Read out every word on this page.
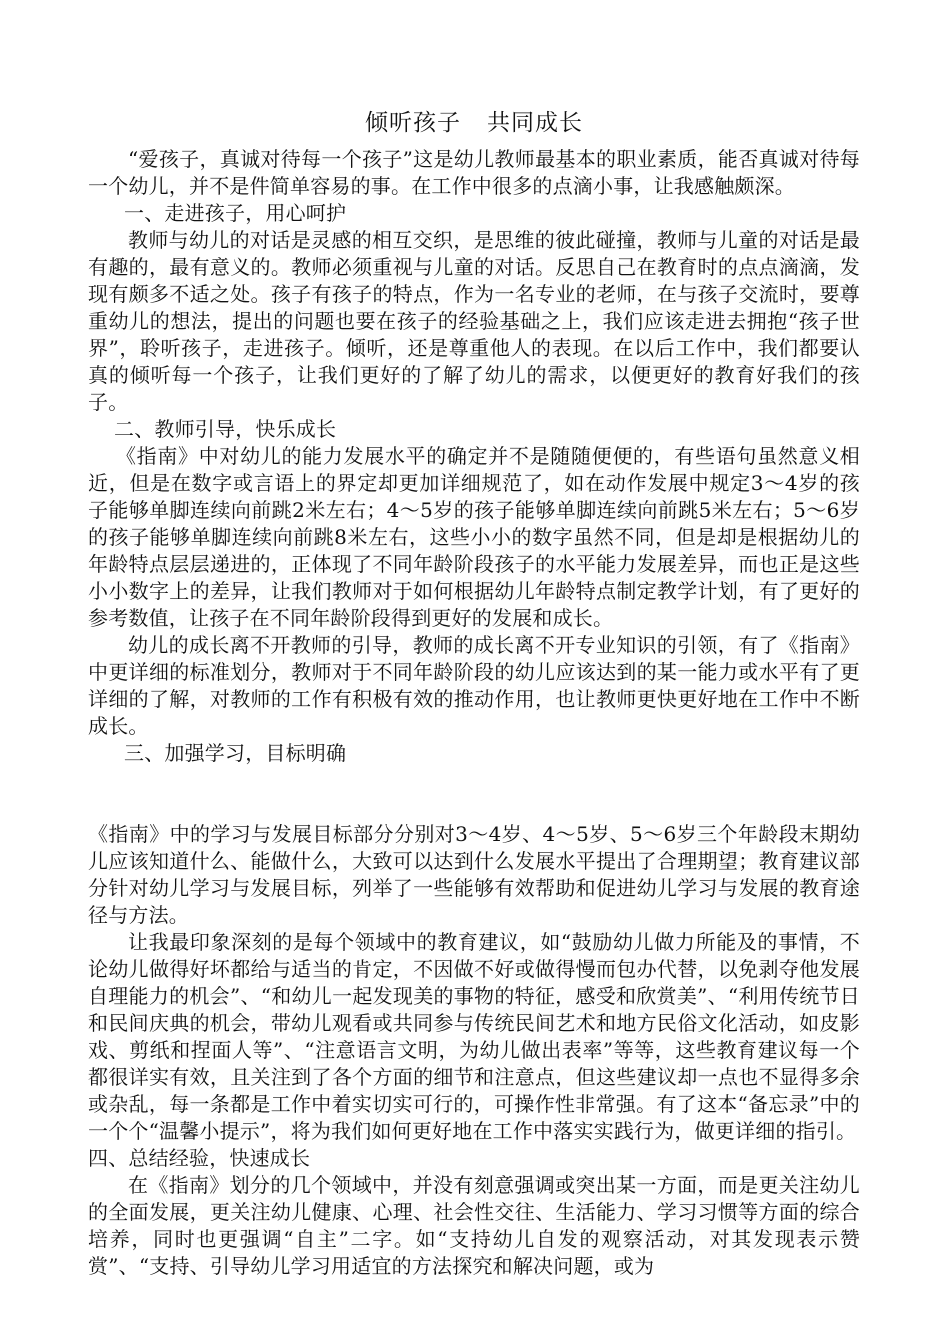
倾听孩子 共同成长

“爱孩子，真诚对待每一个孩子”这是幼儿教师最基本的职业素质，能否真诚对待每一个幼儿，并不是件简单容易的事。在工作中很多的点滴小事，让我感触颇深。

一、走进孩子，用心呵护

教师与幼儿的对话是灵感的相互交织，是思维的彼此碰撞，教师与儿童的对话是最有趣的，最有意义的。教师必须重视与儿童的对话。反思自己在教育时的点点滴滴，发现有颇多不适之处。孩子有孩子的特点，作为一名专业的老师，在与孩子交流时，要尊重幼儿的想法，提出的问题也要在孩子的经验基础之上，我们应该走进去拥抱“孩子世界”，聆听孩子，走进孩子。倾听，还是尊重他人的表现。在以后工作中，我们都要认真的倾听每一个孩子，让我们更好的了解了幼儿的需求，以便更好的教育好我们的孩子。

二、教师引导，快乐成长

《指南》中对幼儿的能力发展水平的确定并不是随随便便的，有些语句虽然意义相近，但是在数字或言语上的界定却更加详细规范了，如在动作发展中规定3～4岁的孩子能够单脚连续向前跳2米左右；4～5岁的孩子能够单脚连续向前跳5米左右；5～6岁的孩子能够单脚连续向前跳8米左右，这些小小的数字虽然不同，但是却是根据幼儿的年龄特点层层递进的，正体现了不同年龄阶段孩子的水平能力发展差异，而也正是这些小小数字上的差异，让我们教师对于如何根据幼儿年龄特点制定教学计划，有了更好的参考数值，让孩子在不同年龄阶段得到更好的发展和成长。

幼儿的成长离不开教师的引导，教师的成长离不开专业知识的引领，有了《指南》中更详细的标准划分，教师对于不同年龄阶段的幼儿应该达到的某一能力或水平有了更详细的了解，对教师的工作有积极有效的推动作用，也让教师更快更好地在工作中不断成长。

三、加强学习，目标明确

《指南》中的学习与发展目标部分分别对3～4岁、4～5岁、5～6岁三个年龄段末期幼儿应该知道什么、能做什么，大致可以达到什么发展水平提出了合理期望；教育建议部分针对幼儿学习与发展目标，列举了一些能够有效帮助和促进幼儿学习与发展的教育途径与方法。

让我最印象深刻的是每个领域中的教育建议，如“鼓励幼儿做力所能及的事情，不论幼儿做得好坏都给与适当的肯定，不因做不好或做得慢而包办代替，以免剥夺他发展自理能力的机会”、“和幼儿一起发现美的事物的特征，感受和欣赏美”、“利用传统节日和民间庆典的机会，带幼儿观看或共同参与传统民间艺术和地方民俗文化活动，如皮影戏、剪纸和捏面人等”、“注意语言文明，为幼儿做出表率”等等，这些教育建议每一个都很详实有效，且关注到了各个方面的细节和注意点，但这些建议却一点也不显得多余或杂乱，每一条都是工作中着实切实可行的，可操作性非常强。有了这本“备忘录”中的一个个“温馨小提示”，将为我们如何更好地在工作中落实实践行为，做更详细的指引。

四、总结经验，快速成长

在《指南》划分的几个领域中，并没有刻意强调或突出某一方面，而是更关注幼儿的全面发展，更关注幼儿健康、心理、社会性交往、生活能力、学习习惯等方面的综合培养，同时也更强调“自主”二字。如“支持幼儿自发的观察活动，对其发现表示赞赏”、“支持、引导幼儿学习用适宜的方法探究和解决问题，或为
